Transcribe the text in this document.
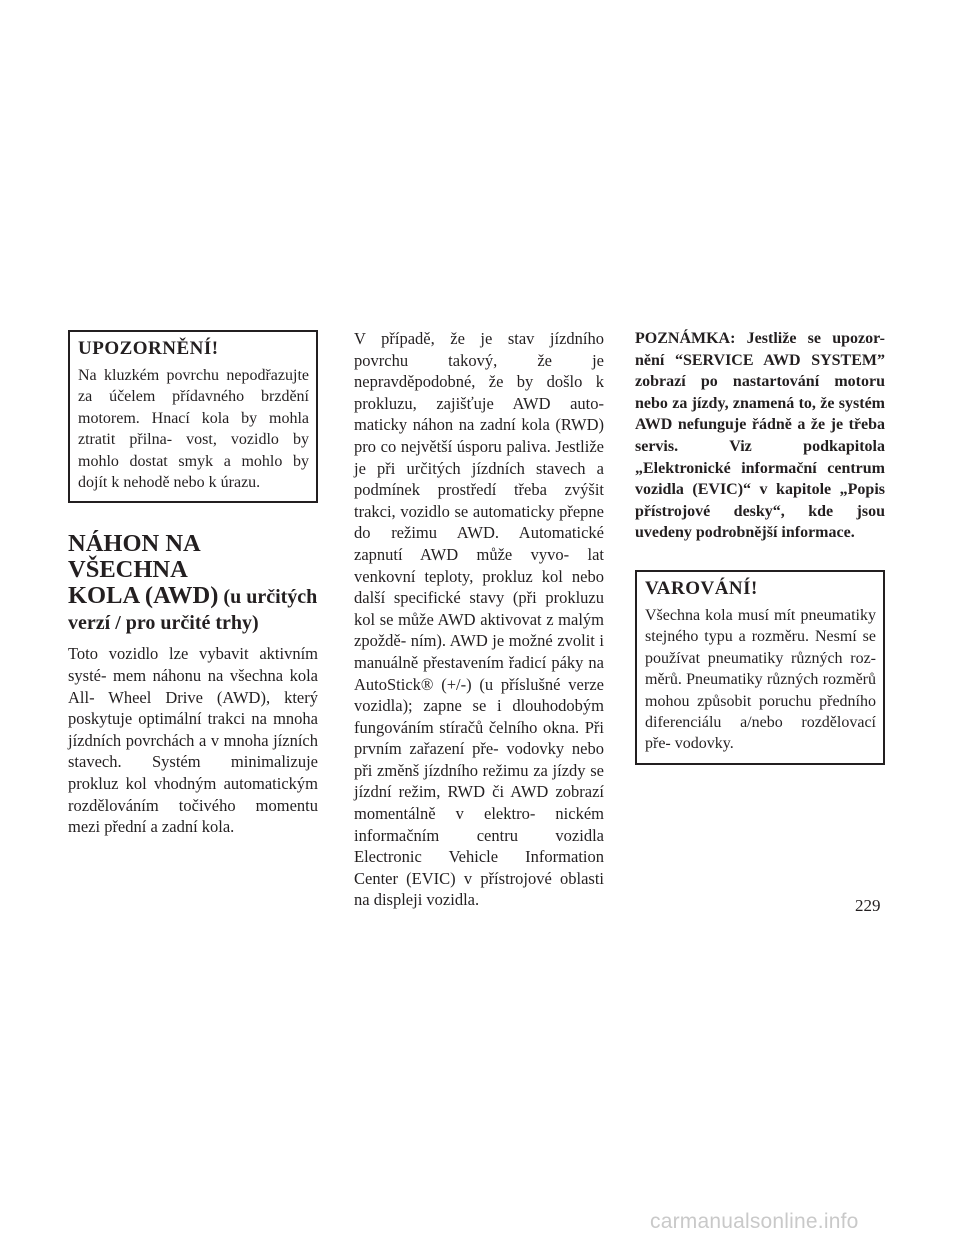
UPOZORNĚNÍ!

Na kluzkém povrchu nepodřazujte za účelem přídavného brzdění motorem. Hnací kola by mohla ztratit přilna- vost, vozidlo by mohlo dostat smyk a mohlo by dojít k nehodě nebo k úrazu.

NÁHON NA VŠECHNA
KOLA (AWD) (u určitých
verzí / pro určité trhy)

Toto vozidlo lze vybavit aktivním systé- mem náhonu na všechna kola All- Wheel Drive (AWD), který poskytuje optimální trakci na mnoha jízdních povrchách a v mnoha jízních stavech. Systém minimalizuje prokluz kol vhodným automatickým rozdělováním točivého momentu mezi přední a zadní kola.

V případě, že je stav jízdního povrchu takový, že je nepravděpodobné, že by došlo k prokluzu, zajišťuje AWD auto- maticky náhon na zadní kola (RWD) pro co největší úsporu paliva. Jestliže je při určitých jízdních stavech a podmínek prostředí třeba zvýšit trakci, vozidlo se automaticky přepne do režimu AWD. Automatické zapnutí AWD může vyvo- lat venkovní teploty, prokluz kol nebo další specifické stavy (při prokluzu kol se může AWD aktivovat z malým zpoždě- ním). AWD je možné zvolit i manuálně přestavením řadicí páky na AutoStick® (+/-) (u příslušné verze vozidla); zapne se i dlouhodobým fungováním stíračů čelního okna. Při prvním zařazení pře- vodovky nebo při změnš jízdního režimu za jízdy se jízdní režim, RWD či AWD zobrazí momentálně v elektro- nickém informačním centru vozidla Electronic Vehicle Information Center (EVIC) v přístrojové oblasti na displeji vozidla.

POZNÁMKA: Jestliže se upozor- nění “SERVICE AWD SYSTEM” zobrazí po nastartování motoru nebo za jízdy, znamená to, že systém AWD nefunguje řádně a že je třeba servis. Viz podkapitola „Elektronické informační centrum vozidla (EVIC)“ v kapitole „Popis přístrojové desky“, kde jsou uvedeny podrobnější informace.

VAROVÁNÍ!

Všechna kola musí mít pneumatiky stejného typu a rozměru. Nesmí se používat pneumatiky různých roz- měrů. Pneumatiky různých rozměrů mohou způsobit poruchu předního diferenciálu a/nebo rozdělovací pře- vodovky.

229

carmanualsonline.info
